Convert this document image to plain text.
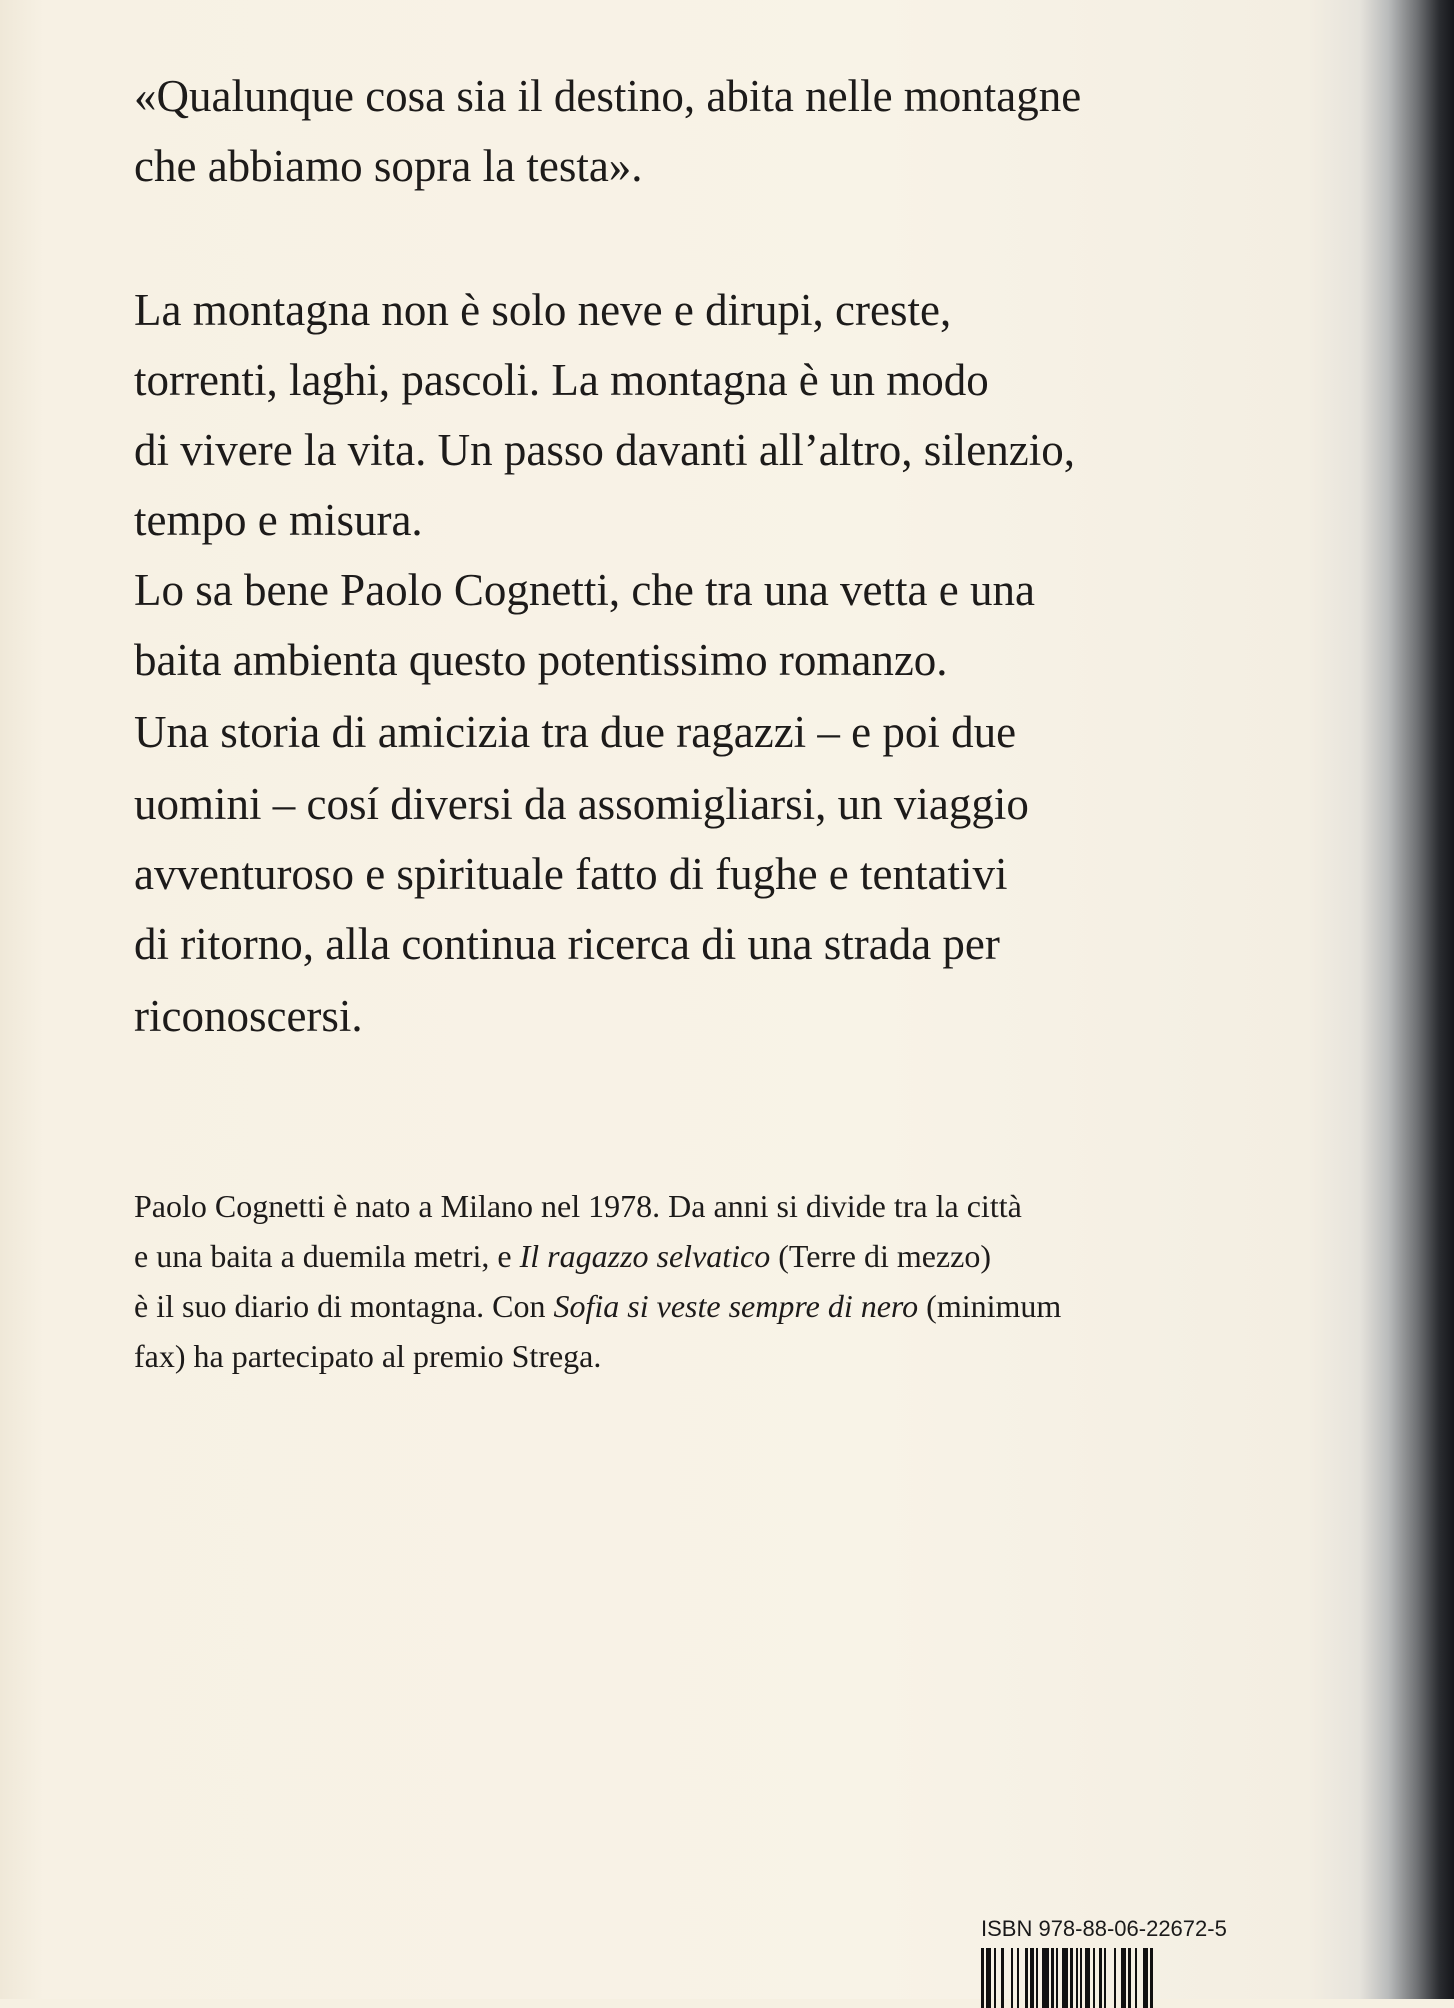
«Qualunque cosa sia il destino, abita nelle montagne
che abbiamo sopra la testa».
La montagna non è solo neve e dirupi, creste,
torrenti, laghi, pascoli. La montagna è un modo
di vivere la vita. Un passo davanti all’altro, silenzio,
tempo e misura.
Lo sa bene Paolo Cognetti, che tra una vetta e una
baita ambienta questo potentissimo romanzo.
Una storia di amicizia tra due ragazzi – e poi due
uomini – cosí diversi da assomigliarsi, un viaggio
avventuroso e spirituale fatto di fughe e tentativi
di ritorno, alla continua ricerca di una strada per
riconoscersi.
Paolo Cognetti è nato a Milano nel 1978. Da anni si divide tra la città
e una baita a duemila metri, e Il ragazzo selvatico (Terre di mezzo)
è il suo diario di montagna. Con Sofia si veste sempre di nero (minimum
fax) ha partecipato al premio Strega.
ISBN 978-88-06-22672-5
